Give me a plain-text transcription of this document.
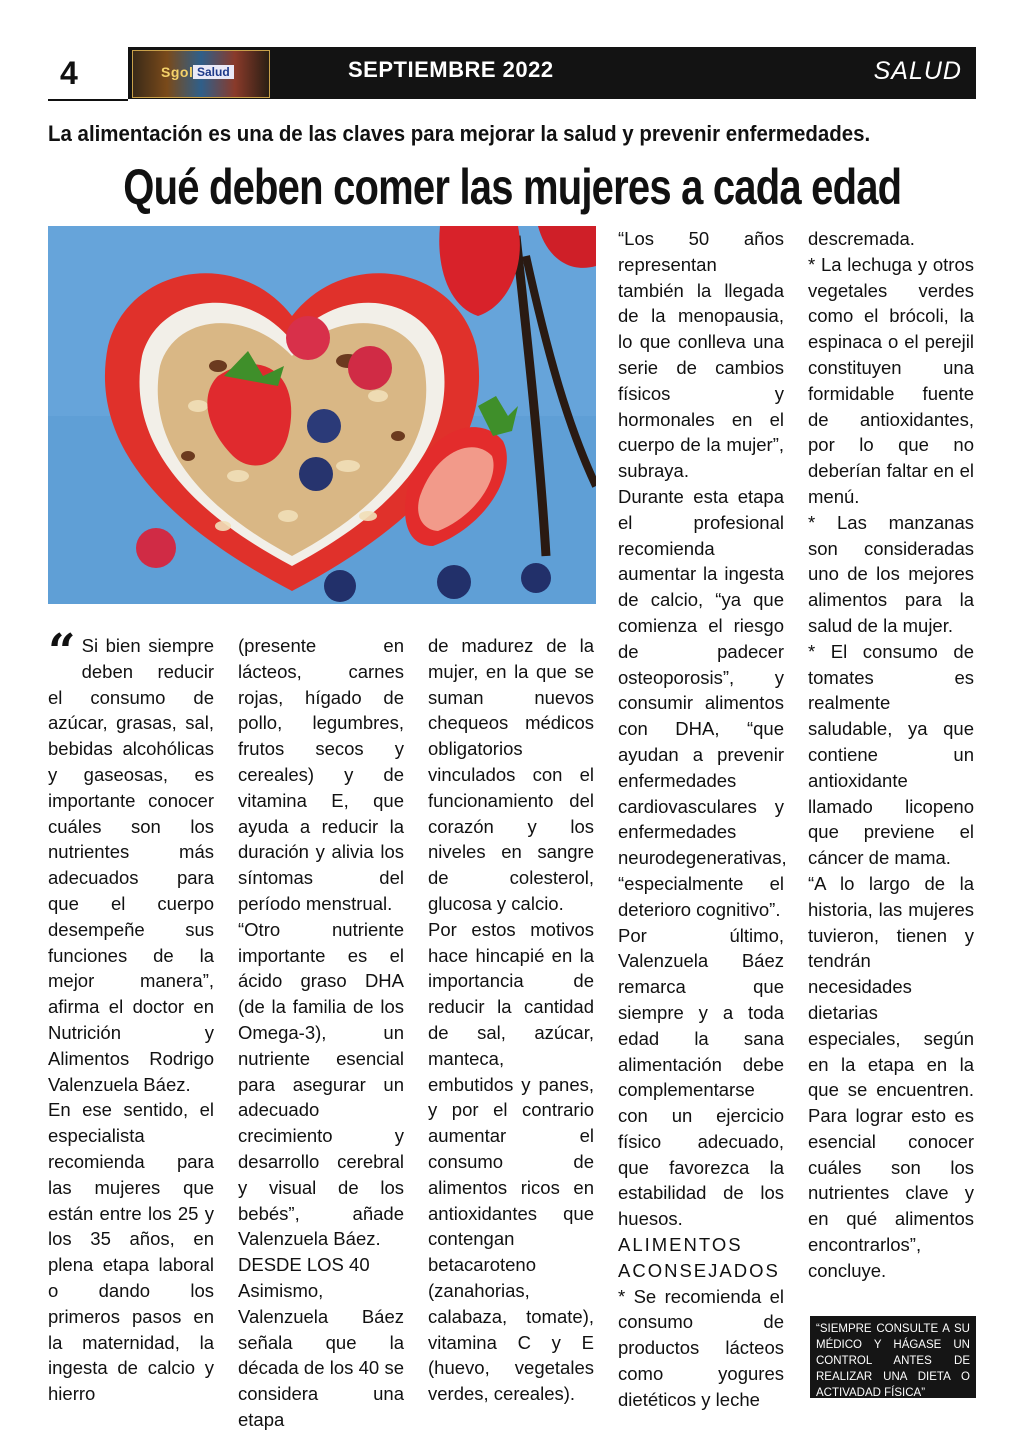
4	Sgol Salud	SEPTIEMBRE 2022	SALUD
La alimentación es una de las claves para mejorar la salud y prevenir enfermedades.
Qué deben comer las mujeres a cada edad
“ Si bien siempre deben reducir el consumo de azúcar, grasas, sal, bebidas alcohólicas y gaseosas, es importante conocer cuáles son los nutrientes más adecuados para que el cuerpo desempeñe sus funciones de la mejor manera”, afirma el doctor en Nutrición y Alimentos Rodrigo Valenzuela Báez.

En ese sentido, el especialista recomienda para las mujeres que están entre los 25 y los 35 años, en plena etapa laboral o dando los primeros pasos en la maternidad, la ingesta de calcio y hierro

(presente en lácteos, carnes rojas, hígado de pollo, legumbres, frutos secos y cereales) y de vitamina E, que ayuda a reducir la duración y alivia los síntomas del período menstrual.

“Otro nutriente importante es el ácido graso DHA (de la familia de los Omega-3), un nutriente esencial para asegurar un adecuado crecimiento y desarrollo cerebral y visual de los bebés”, añade Valenzuela Báez.

DESDE LOS 40

Asimismo, Valenzuela Báez señala que la década de los 40 se considera una etapa

de madurez de la mujer, en la que se suman nuevos chequeos médicos obligatorios vinculados con el funcionamiento del corazón y los niveles en sangre de colesterol, glucosa y calcio.

Por estos motivos hace hincapié en la importancia de reducir la cantidad de sal, azúcar, manteca, embutidos y panes, y por el contrario aumentar el consumo de alimentos ricos en antioxidantes que contengan betacaroteno (zanahorias, calabaza, tomate), vitamina C y E (huevo, vegetales verdes, cereales).

“Los 50 años representan también la llegada de la menopausia, lo que conlleva una serie de cambios físicos y hormonales en el cuerpo de la mujer”, subraya.

Durante esta etapa el profesional recomienda aumentar la ingesta de calcio, “ya que comienza el riesgo de padecer osteoporosis”, y consumir alimentos con DHA, “que ayudan a prevenir enfermedades cardiovasculares y enfermedades neurodegenerativas, “especialmente el deterioro cognitivo”.

Por último, Valenzuela Báez remarca que siempre y a toda edad la sana alimentación debe complementarse con un ejercicio físico adecuado, que favorezca la estabilidad de los huesos.

ALIMENTOS ACONSEJADOS

* Se recomienda el consumo de productos lácteos como yogures dietéticos y leche

descremada.

* La lechuga y otros vegetales verdes como el brócoli, la espinaca o el perejil constituyen una formidable fuente de antioxidantes, por lo que no deberían faltar en el menú.

* Las manzanas son consideradas uno de los mejores alimentos para la salud de la mujer.

* El consumo de tomates es realmente saludable, ya que contiene un antioxidante llamado licopeno que previene el cáncer de mama.

“A lo largo de la historia, las mujeres tuvieron, tienen y tendrán necesidades dietarias especiales, según en la etapa en la que se encuentren. Para lograr esto es esencial conocer cuáles son los nutrientes clave y en qué alimentos encontrarlos”, concluye.

“SIEMPRE CONSULTE A SU MÉDICO Y HÁGASE UN CONTROL ANTES DE REALIZAR UNA DIETA O ACTIVADAD FÍSICA”
